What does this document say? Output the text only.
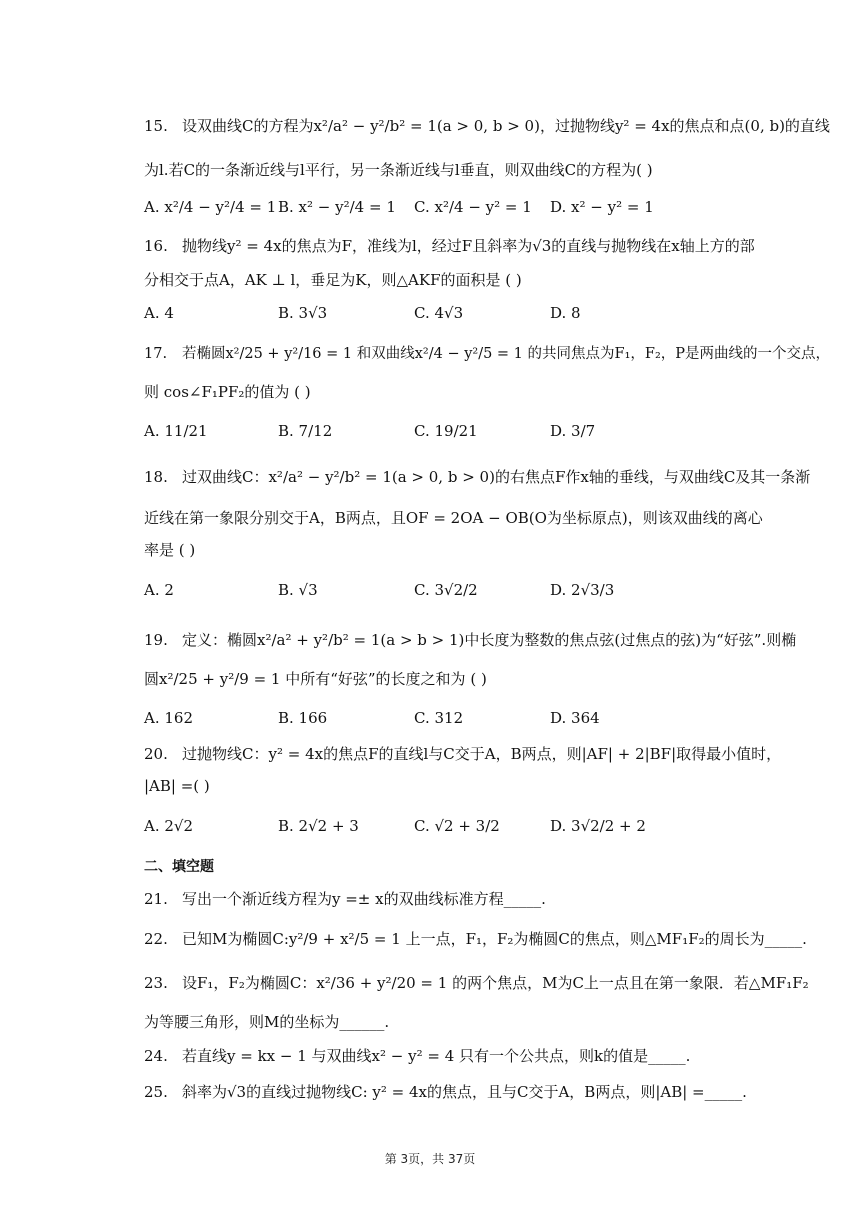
15. 设双曲线C的方程为x²/a² − y²/b² = 1(a > 0, b > 0)，过抛物线y² = 4x的焦点和点(0, b)的直线
为l.若C的一条渐近线与l平行，另一条渐近线与l垂直，则双曲线C的方程为( )
A. x²/4 − y²/4 = 1 B. x² − y²/4 = 1 C. x²/4 − y² = 1 D. x² − y² = 1
16. 抛物线y² = 4x的焦点为F，准线为l，经过F且斜率为√3的直线与抛物线在x轴上方的部
分相交于点A，AK ⊥ l，垂足为K，则△AKF的面积是 ( )
A. 4	B. 3√3	C. 4√3	D. 8
17. 若椭圆x²/25 + y²/16 = 1 和双曲线x²/4 − y²/5 = 1 的共同焦点为F₁，F₂，P是两曲线的一个交点，
则 cos∠F₁PF₂的值为 ( )
A. 11/21	B. 7/12	C. 19/21	D. 3/7
18. 过双曲线C：x²/a² − y²/b² = 1(a > 0, b > 0)的右焦点F作x轴的垂线，与双曲线C及其一条渐
近线在第一象限分别交于A，B两点，且OF = 2OA − OB(O为坐标原点)，则该双曲线的离心
率是 ( )
A. 2	B. √3	C. 3√2/2	D. 2√3/3
19. 定义：椭圆x²/a² + y²/b² = 1(a > b > 1)中长度为整数的焦点弦(过焦点的弦)为“好弦”.则椭
圆x²/25 + y²/9 = 1 中所有“好弦”的长度之和为 ( )
A. 162	B. 166	C. 312	D. 364
20. 过抛物线C：y² = 4x的焦点F的直线l与C交于A，B两点，则|AF| + 2|BF|取得最小值时，
|AB| =( )
A. 2√2	B. 2√2 + 3	C. √2 + 3/2	D. 3√2/2 + 2
二、填空题
21. 写出一个渐近线方程为y =± x的双曲线标准方程_____.
22. 已知M为椭圆C:y²/9 + x²/5 = 1 上一点，F₁，F₂为椭圆C的焦点，则△MF₁F₂的周长为_____.
23. 设F₁，F₂为椭圆C：x²/36 + y²/20 = 1 的两个焦点，M为C上一点且在第一象限．若△MF₁F₂
为等腰三角形，则M的坐标为______.
24. 若直线y = kx − 1 与双曲线x² − y² = 4 只有一个公共点，则k的值是_____.
25. 斜率为√3的直线过抛物线C: y² = 4x的焦点，且与C交于A，B两点，则|AB| =_____.
第 3页，共 37页
